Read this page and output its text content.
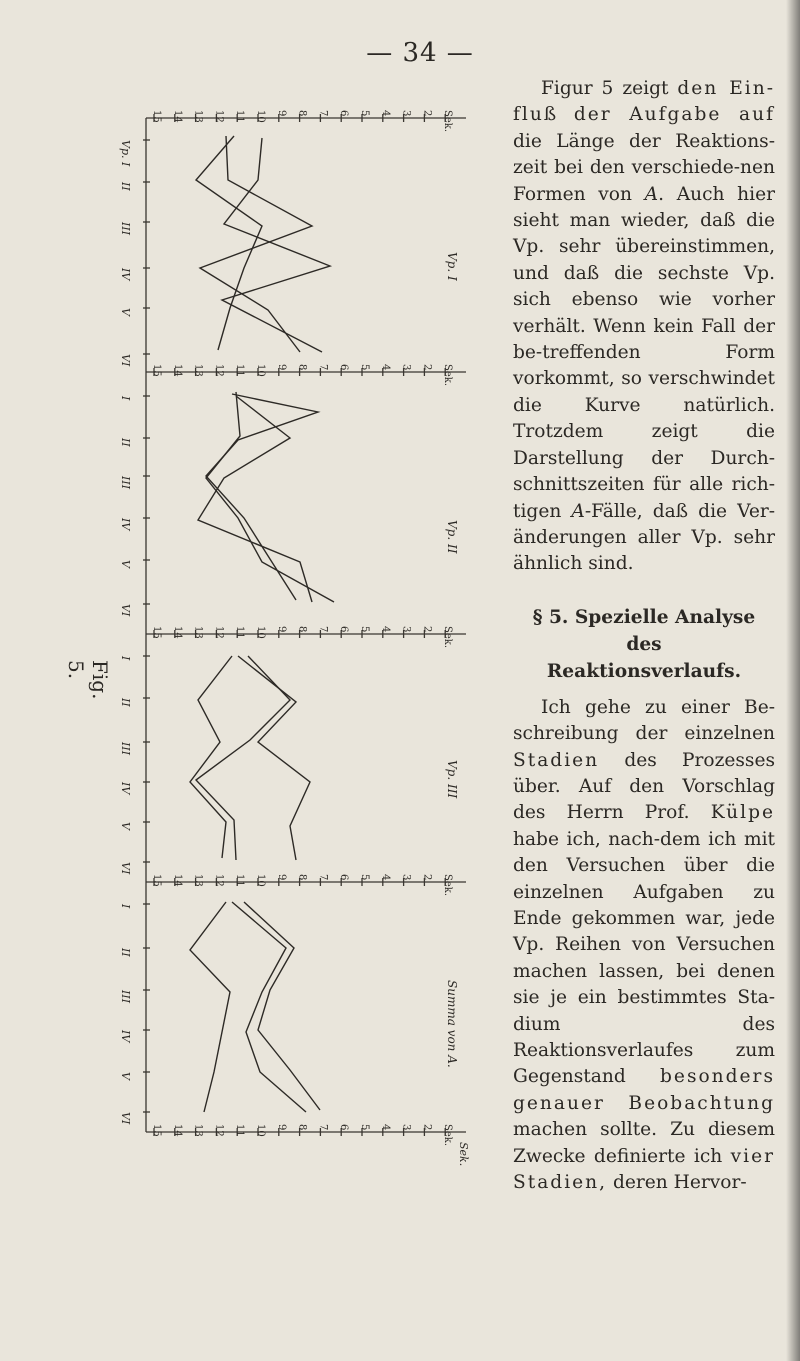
— 34 —
Fig. 5.
15 14 13 12 11 10 9 8 7 6 5 4 3 2 Sek.
15 14 13 12 11 10 9 8 7 6 5 4 3 2 Sek.
15 14 13 12 11 10 9 8 7 6 5 4 3 2 Sek.
15 14 13 12 11 10 9 8 7 6 5 4 3 2 Sek.
15 14 13 12 11 10 9 8 7 6 5 4 3 2 Sek.
Vp. I
II
III
IV
V
VI
Vp. I
I
II
III
IV
V
VI
Vp. II
I
II
III
IV
V
VI
Vp. III
I
II
III
IV
V
VI
Summa von A.
Sek.

Figur 5 zeigt den Ein-fluß der Aufgabe auf die Länge der Reaktions-zeit bei den verschiede-nen Formen von A. Auch hier sieht man wieder, daß die Vp. sehr übereinstimmen, und daß die sechste Vp. sich ebenso wie vorher verhält. Wenn kein Fall der be-treffenden Form vorkommt, so verschwindet die Kurve natürlich. Trotzdem zeigt die Darstellung der Durch-schnittszeiten für alle rich-tigen A-Fälle, daß die Ver-änderungen aller Vp. sehr ähnlich sind.

§ 5. Spezielle Analyse des
Reaktionsverlaufs.

Ich gehe zu einer Be-schreibung der einzelnen Stadien des Prozesses über. Auf den Vorschlag des Herrn Prof. Külpe habe ich, nach-dem ich mit den Versuchen über die einzelnen Aufgaben zu Ende gekommen war, jede Vp. Reihen von Versuchen machen lassen, bei denen sie je ein bestimmtes Sta-dium des Reaktionsverlaufes zum Gegenstand besonders genauer Beobachtung machen sollte. Zu diesem Zwecke definierte ich vier Stadien, deren Hervor-
